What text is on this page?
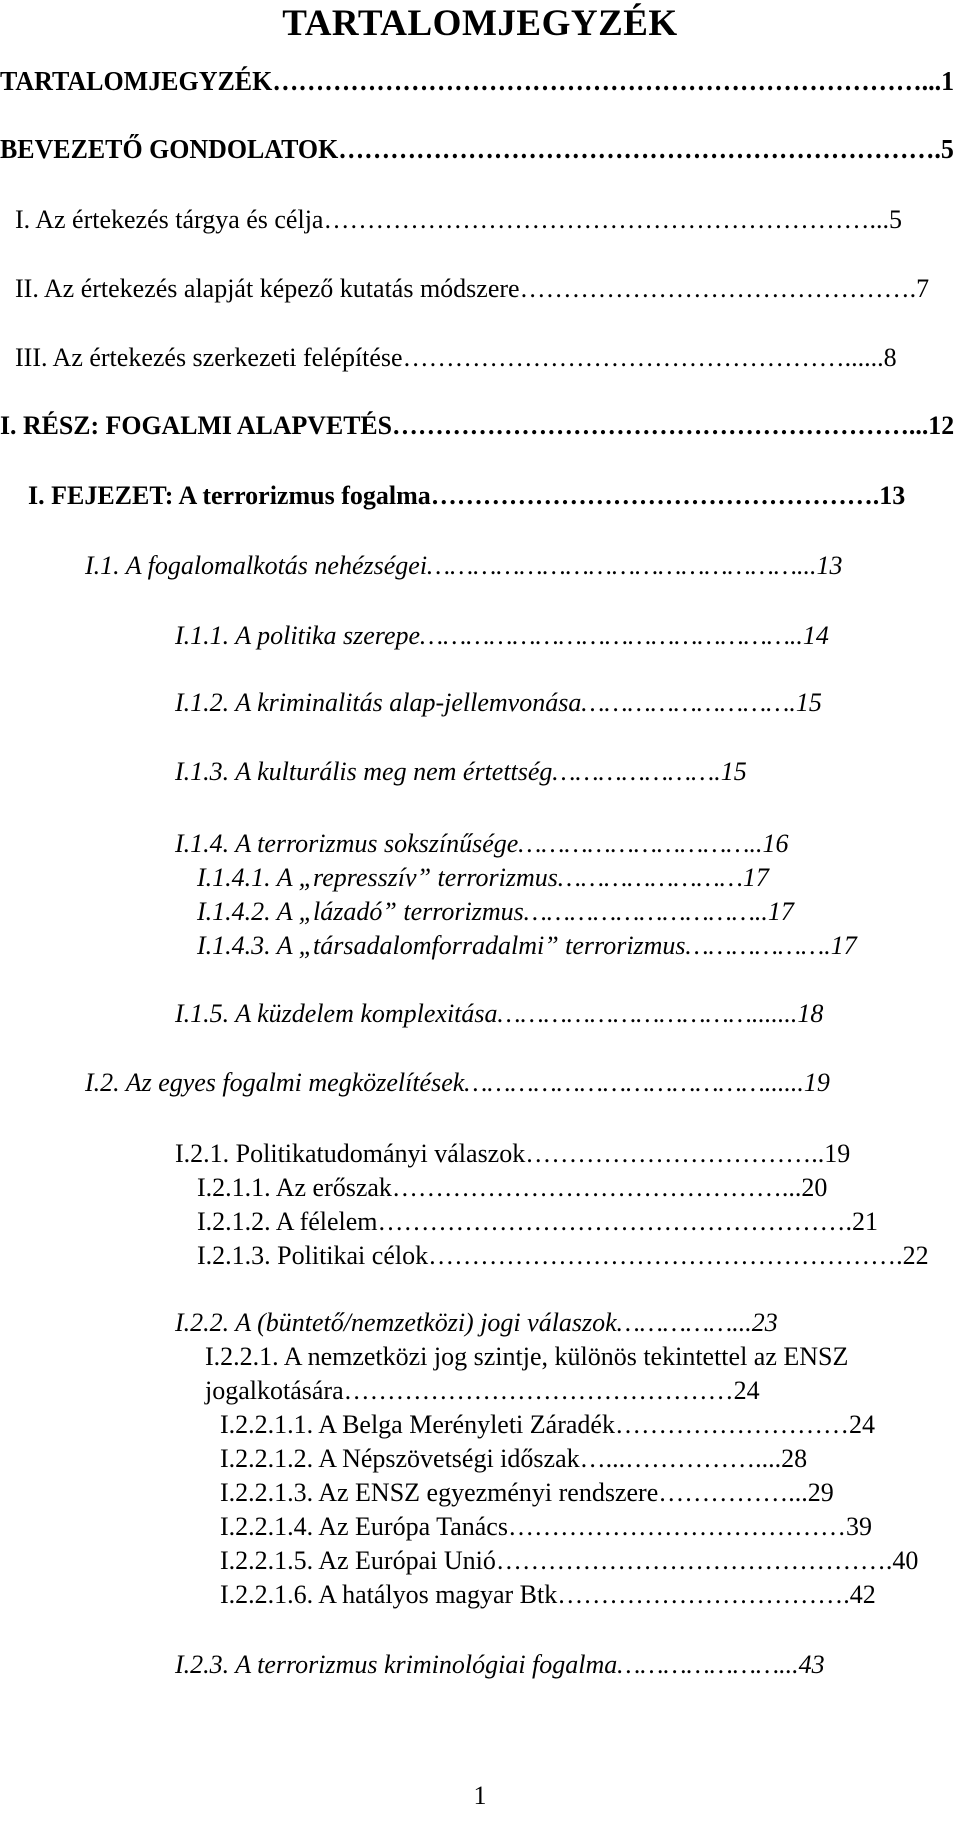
TARTALOMJEGYZÉK
TARTALOMJEGYZÉK…………………………………………………………………...1
BEVEZETŐ GONDOLATOK…………………………………………………………….5
I. Az értekezés tárgya és célja………………………………………………………...5
II. Az értekezés alapját képező kutatás módszere……………………………………….7
III. Az értekezés szerkezeti felépítése……………………………………………......8
I. RÉSZ: FOGALMI ALAPVETÉS……………………………………………………...12
I. FEJEZET: A terrorizmus fogalma…………………………………………….13
I.1. A fogalomalkotás nehézségei…………………………………………...13
I.1.1. A politika szerepe…………………………………………..14
I.1.2. A kriminalitás alap-jellemvonása……………………….15
I.1.3. A kulturális meg nem értettség………………….15
I.1.4. A terrorizmus sokszínűsége…………………………..16
I.1.4.1. A „represszív” terrorizmus……………………17
I.1.4.2. A „lázadó” terrorizmus…………………………..17
I.1.4.3. A „társadalomforradalmi” terrorizmus……………….17
I.1.5. A küzdelem komplexitása…………………………….......18
I.2. Az egyes fogalmi megközelítések…………………………………......19
I.2.1. Politikatudományi válaszok……………………………..19
I.2.1.1. Az erőszak………………………………………...20
I.2.1.2. A félelem……………………………………………….21
I.2.1.3. Politikai célok……………………………………………….22
I.2.2. A (büntető/nemzetközi) jogi válaszok……………...23
I.2.2.1. A nemzetközi jog szintje, különös tekintettel az ENSZ
jogalkotására………………………………………24
I.2.2.1.1. A Belga Merényleti Záradék………………………24
I.2.2.1.2. A Népszövetségi időszak…...……………....28
I.2.2.1.3. Az ENSZ egyezményi rendszere……………...29
I.2.2.1.4. Az Európa Tanács…………………………………39
I.2.2.1.5. Az Európai Unió……………………………………….40
I.2.2.1.6. A hatályos magyar Btk…………………………….42
I.2.3. A terrorizmus kriminológiai fogalma…………………...43
1
